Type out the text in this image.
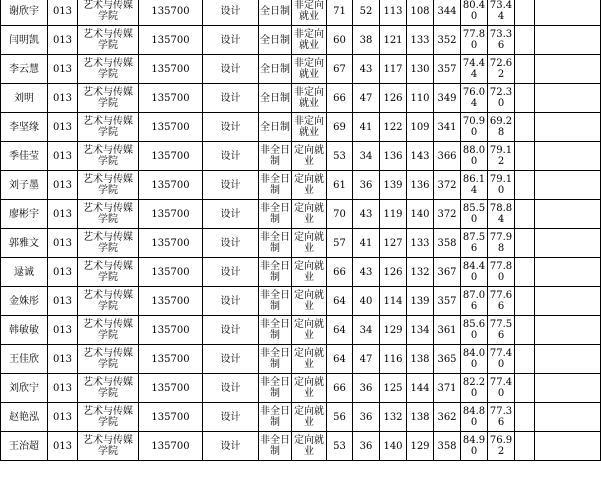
谢欣宇	013	艺术与传媒学院	135700	设计	全日制	非定向就业	71	52	113	108	344	80.40	73.44		
闫明凯	013	艺术与传媒学院	135700	设计	全日制	非定向就业	60	38	121	133	352	77.80	73.36		
李云慧	013	艺术与传媒学院	135700	设计	全日制	非定向就业	67	43	117	130	357	74.44	72.62		
刘明	013	艺术与传媒学院	135700	设计	全日制	非定向就业	66	47	126	110	349	76.04	72.30		
李坚缘	013	艺术与传媒学院	135700	设计	全日制	非定向就业	69	41	122	109	341	70.90	69.28		
季佳莹	013	艺术与传媒学院	135700	设计	非全日制	定向就业	53	34	136	143	366	88.00	79.12		
刘子墨	013	艺术与传媒学院	135700	设计	非全日制	定向就业	61	36	139	136	372	86.14	79.10		
廖彬宇	013	艺术与传媒学院	135700	设计	非全日制	定向就业	70	43	119	140	372	85.50	78.84		
郭雅文	013	艺术与传媒学院	135700	设计	非全日制	定向就业	57	41	127	133	358	87.56	77.98		
逯诚	013	艺术与传媒学院	135700	设计	非全日制	定向就业	66	43	126	132	367	84.40	77.80		
金姝彤	013	艺术与传媒学院	135700	设计	非全日制	定向就业	64	40	114	139	357	87.06	77.66		
韩敏敏	013	艺术与传媒学院	135700	设计	非全日制	定向就业	64	34	129	134	361	85.60	77.56		
王佳欣	013	艺术与传媒学院	135700	设计	非全日制	定向就业	64	47	116	138	365	84.00	77.40		
刘欣宁	013	艺术与传媒学院	135700	设计	非全日制	定向就业	66	36	125	144	371	82.20	77.40		
赵艳泓	013	艺术与传媒学院	135700	设计	非全日制	定向就业	56	36	132	138	362	84.80	77.36		
王治超	013	艺术与传媒学院	135700	设计	非全日制	定向就业	53	36	140	129	358	84.90	76.92		
